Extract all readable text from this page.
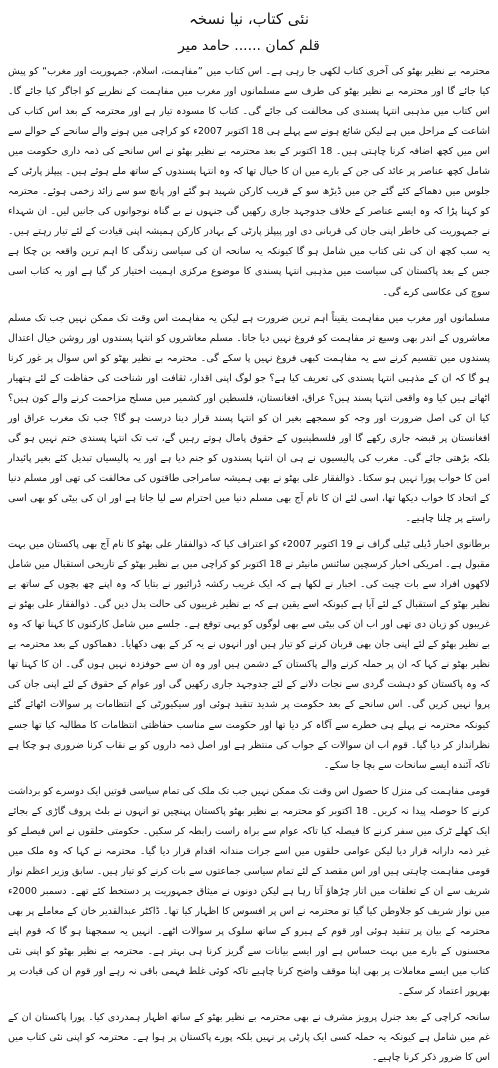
نئی کتاب، نیا نسخہ
قلم کمان ...... حامد میر

محترمہ بے نظیر بھٹو کی آخری کتاب لکھی جا رہی ہے۔ اس کتاب میں ”مفاہمت، اسلام، جمہوریت اور مغرب“ کو پیش کیا جائے گا اور محترمہ بے نظیر بھٹو کی طرف سے مسلمانوں اور مغرب میں مفاہمت کے نظریے کو اجاگر کیا جائے گا۔ اس کتاب میں مذہبی انتہا پسندی کی مخالفت کی جائے گی۔ کتاب کا مسودہ تیار ہے اور محترمہ کے بعد اس کتاب کی اشاعت کے مراحل میں ہے لیکن شائع ہونے سے پہلے ہی 18 اکتوبر 2007ء کو کراچی میں ہونے والے سانحے کے حوالے سے اس میں کچھ اضافہ کرنا چاہتی ہیں۔ 18 اکتوبر کے بعد محترمہ بے نظیر بھٹو نے اس سانحے کی ذمہ داری حکومت میں شامل کچھ عناصر پر عائد کی جن کے بارے میں ان کا خیال تھا کہ وہ انتہا پسندوں کے ساتھ ملے ہوئے ہیں۔ پیپلز پارٹی کے جلوس میں دھماکے کئے گئے جن میں ڈیڑھ سو کے قریب کارکن شہید ہو گئے اور پانچ سو سے زائد زخمی ہوئے۔ محترمہ کو کہنا پڑا کہ وہ ایسے عناصر کے خلاف جدوجہد جاری رکھیں گی جنہوں نے بے گناہ نوجوانوں کی جانیں لیں۔ ان شہداء نے جمہوریت کی خاطر اپنی جان کی قربانی دی اور پیپلز پارٹی کے بہادر کارکن ہمیشہ اپنی قیادت کے لئے تیار رہتے ہیں۔ یہ سب کچھ ان کی نئی کتاب میں شامل ہو گا کیونکہ یہ سانحہ ان کی سیاسی زندگی کا اہم ترین واقعہ بن چکا ہے جس کے بعد پاکستان کی سیاست میں مذہبی انتہا پسندی کا موضوع مرکزی اہمیت اختیار کر گیا ہے اور یہ کتاب اسی سوچ کی عکاسی کرے گی۔

مسلمانوں اور مغرب میں مفاہمت یقیناً اہم ترین ضرورت ہے لیکن یہ مفاہمت اس وقت تک ممکن نہیں جب تک مسلم معاشروں کے اندر بھی وسیع تر مفاہمت کو فروغ نہیں دیا جاتا۔ مسلم معاشروں کو انتہا پسندوں اور روشن خیال اعتدال پسندوں میں تقسیم کرنے سے یہ مفاہمت کبھی فروغ نہیں پا سکے گی۔ محترمہ بے نظیر بھٹو کو اس سوال پر غور کرنا ہو گا کہ ان کے مذہبی انتہا پسندی کی تعریف کیا ہے؟ جو لوگ اپنی اقدار، ثقافت اور شناخت کی حفاظت کے لئے ہتھیار اٹھاتے ہیں کیا وہ واقعی انتہا پسند ہیں؟ عراق، افغانستان، فلسطین اور کشمیر میں مسلح مزاحمت کرنے والے کون ہیں؟ کیا ان کی اصل ضرورت اور وجہ کو سمجھے بغیر ان کو انتہا پسند قرار دینا درست ہو گا؟ جب تک مغرب عراق اور افغانستان پر قبضہ جاری رکھے گا اور فلسطینیوں کے حقوق پامال ہوتے رہیں گے، تب تک انتہا پسندی ختم نہیں ہو گی بلکہ بڑھتی جائے گی۔ مغرب کی پالیسیوں نے ہی ان انتہا پسندوں کو جنم دیا ہے اور یہ پالیسیاں تبدیل کئے بغیر پائیدار امن کا خواب پورا نہیں ہو سکتا۔ ذوالفقار علی بھٹو نے بھی ہمیشہ سامراجی طاقتوں کی مخالفت کی تھی اور مسلم دنیا کے اتحاد کا خواب دیکھا تھا، اسی لئے ان کا نام آج بھی مسلم دنیا میں احترام سے لیا جاتا ہے اور ان کی بیٹی کو بھی اسی راستے پر چلنا چاہیے۔

برطانوی اخبار ڈیلی ٹیلی گراف نے 19 اکتوبر 2007ء کو اعتراف کیا کہ ذوالفقار علی بھٹو کا نام آج بھی پاکستان میں بہت مقبول ہے۔ امریکی اخبار کرسچین سائنس مانیٹر نے 18 اکتوبر کو کراچی میں بے نظیر بھٹو کے تاریخی استقبال میں شامل لاکھوں افراد سے بات چیت کی۔ اخبار نے لکھا ہے کہ ایک غریب رکشہ ڈرائیور نے بتایا کہ وہ اپنے چھ بچوں کے ساتھ بے نظیر بھٹو کے استقبال کے لئے آیا ہے کیونکہ اسے یقین ہے کہ بے نظیر غریبوں کی حالت بدل دیں گی۔ ذوالفقار علی بھٹو نے غریبوں کو زبان دی تھی اور اب ان کی بیٹی سے بھی لوگوں کو یہی توقع ہے۔ جلسے میں شامل کارکنوں کا کہنا تھا کہ وہ بے نظیر بھٹو کے لئے اپنی جان بھی قربان کرنے کو تیار ہیں اور انہوں نے یہ کر کے بھی دکھایا۔ دھماکوں کے بعد محترمہ بے نظیر بھٹو نے کہا کہ ان پر حملہ کرنے والے پاکستان کے دشمن ہیں اور وہ ان سے خوفزدہ نہیں ہوں گی۔ ان کا کہنا تھا کہ وہ پاکستان کو دہشت گردی سے نجات دلانے کے لئے جدوجہد جاری رکھیں گی اور عوام کے حقوق کے لئے اپنی جان کی پروا نہیں کریں گی۔ اس سانحے کے بعد حکومت پر شدید تنقید ہوئی اور سیکیورٹی کے انتظامات پر سوالات اٹھائے گئے کیونکہ محترمہ نے پہلے ہی خطرے سے آگاہ کر دیا تھا اور حکومت سے مناسب حفاظتی انتظامات کا مطالبہ کیا تھا جسے نظرانداز کر دیا گیا۔ قوم اب ان سوالات کے جواب کی منتظر ہے اور اصل ذمہ داروں کو بے نقاب کرنا ضروری ہو چکا ہے تاکہ آئندہ ایسے سانحات سے بچا جا سکے۔

قومی مفاہمت کی منزل کا حصول اس وقت تک ممکن نہیں جب تک ملک کی تمام سیاسی قوتیں ایک دوسرے کو برداشت کرنے کا حوصلہ پیدا نہ کریں۔ 18 اکتوبر کو محترمہ بے نظیر بھٹو پاکستان پہنچیں تو انہوں نے بلٹ پروف گاڑی کے بجائے ایک کھلے ٹرک میں سفر کرنے کا فیصلہ کیا تاکہ عوام سے براہ راست رابطہ کر سکیں۔ حکومتی حلقوں نے اس فیصلے کو غیر ذمہ دارانہ قرار دیا لیکن عوامی حلقوں میں اسے جرات مندانہ اقدام قرار دیا گیا۔ محترمہ نے کہا کہ وہ ملک میں قومی مفاہمت چاہتی ہیں اور اس مقصد کے لئے تمام سیاسی جماعتوں سے بات کرنے کو تیار ہیں۔ سابق وزیر اعظم نواز شریف سے ان کے تعلقات میں اتار چڑھاؤ آتا رہا ہے لیکن دونوں نے میثاق جمہوریت پر دستخط کئے تھے۔ دسمبر 2000ء میں نواز شریف کو جلاوطن کیا گیا تو محترمہ نے اس پر افسوس کا اظہار کیا تھا۔ ڈاکٹر عبدالقدیر خان کے معاملے پر بھی محترمہ کے بیان پر تنقید ہوئی اور قوم کے ہیرو کے ساتھ سلوک پر سوالات اٹھے۔ انہیں یہ سمجھنا ہو گا کہ قوم اپنے محسنوں کے بارے میں بہت حساس ہے اور ایسے بیانات سے گریز کرنا ہی بہتر ہے۔ محترمہ بے نظیر بھٹو کو اپنی نئی کتاب میں ایسے معاملات پر بھی اپنا موقف واضح کرنا چاہیے تاکہ کوئی غلط فہمی باقی نہ رہے اور قوم ان کی قیادت پر بھرپور اعتماد کر سکے۔

سانحہ کراچی کے بعد جنرل پرویز مشرف نے بھی محترمہ بے نظیر بھٹو کے ساتھ اظہار ہمدردی کیا۔ پورا پاکستان ان کے غم میں شامل ہے کیونکہ یہ حملہ کسی ایک پارٹی پر نہیں بلکہ پورے پاکستان پر ہوا ہے۔ محترمہ کو اپنی نئی کتاب میں اس کا ضرور ذکر کرنا چاہیے۔
